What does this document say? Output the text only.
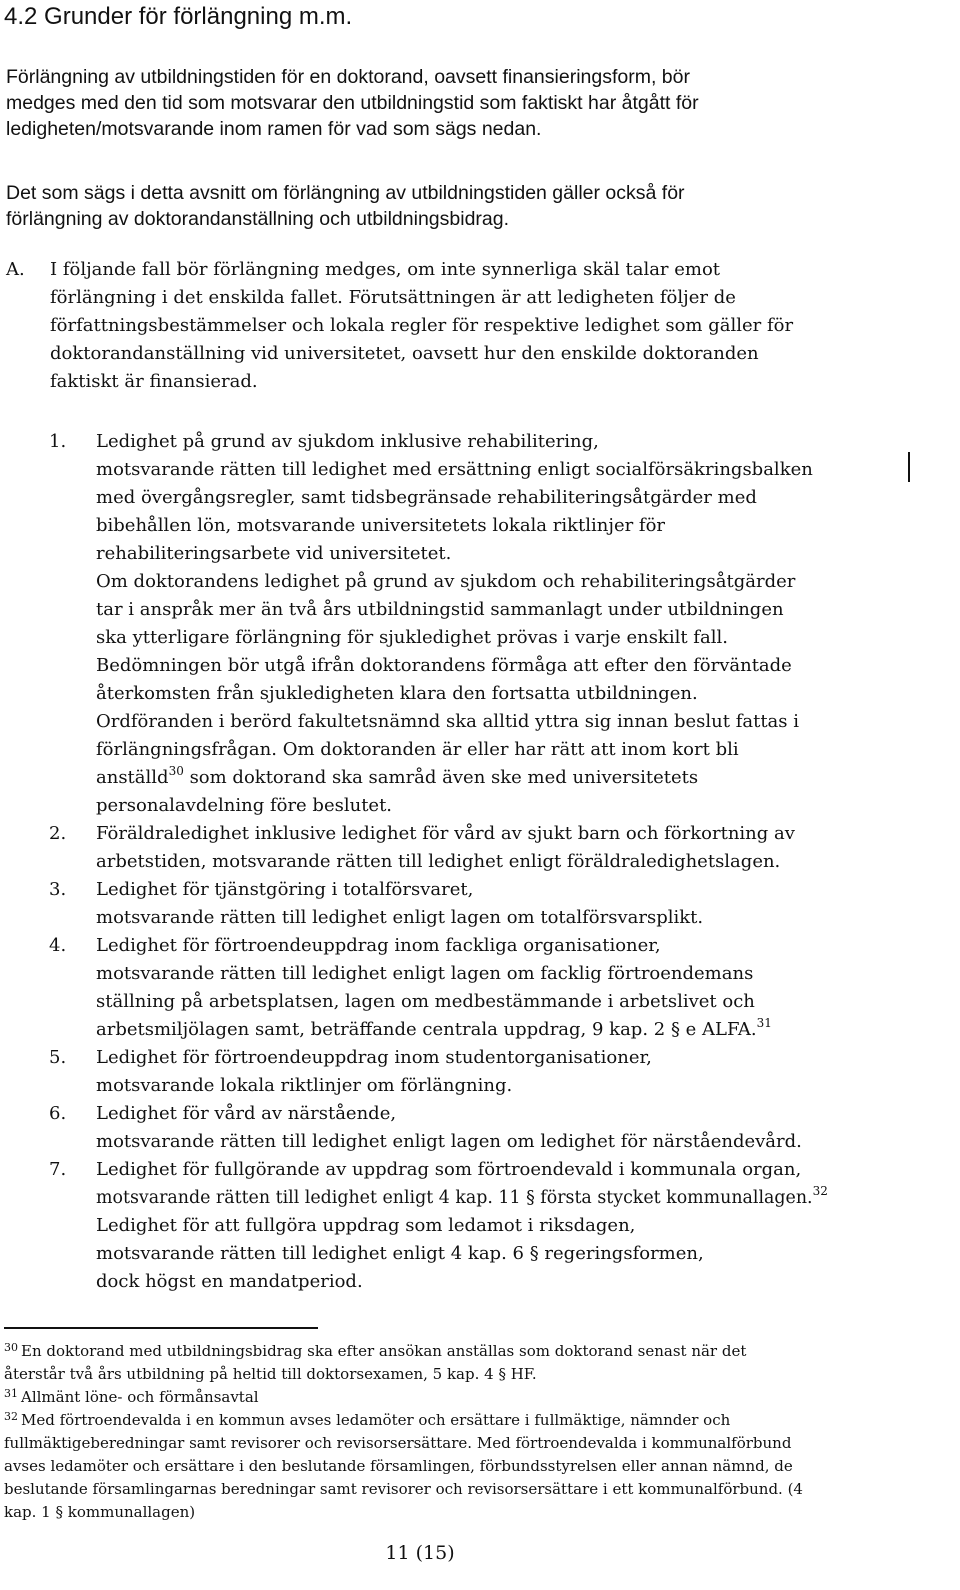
4.2 Grunder för förlängning m.m.
Förlängning av utbildningstiden för en doktorand, oavsett finansieringsform, bör
medges med den tid som motsvarar den utbildningstid som faktiskt har åtgått för
ledigheten/motsvarande inom ramen för vad som sägs nedan.
Det som sägs i detta avsnitt om förlängning av utbildningstiden gäller också för
förlängning av doktorandanställning och utbildningsbidrag.
A. I följande fall bör förlängning medges, om inte synnerliga skäl talar emot
förlängning i det enskilda fallet. Förutsättningen är att ledigheten följer de
författningsbestämmelser och lokala regler för respektive ledighet som gäller för
doktorandanställning vid universitetet, oavsett hur den enskilde doktoranden
faktiskt är finansierad.
1. Ledighet på grund av sjukdom inklusive rehabilitering,
motsvarande rätten till ledighet med ersättning enligt socialförsäkringsbalken
med övergångsregler, samt tidsbegränsade rehabiliteringsåtgärder med
bibehållen lön, motsvarande universitetets lokala riktlinjer för
rehabiliteringsarbete vid universitetet.
Om doktorandens ledighet på grund av sjukdom och rehabiliteringsåtgärder
tar i anspråk mer än två års utbildningstid sammanlagt under utbildningen
ska ytterligare förlängning för sjukledighet prövas i varje enskilt fall.
Bedömningen bör utgå ifrån doktorandens förmåga att efter den förväntade
återkomsten från sjukledigheten klara den fortsatta utbildningen.
Ordföranden i berörd fakultetsnämnd ska alltid yttra sig innan beslut fattas i
förlängningsfrågan. Om doktoranden är eller har rätt att inom kort bli
anställd$^{30}$ som doktorand ska samråd även ske med universitetets
personalavdelning före beslutet.
2. Föräldraledighet inklusive ledighet för vård av sjukt barn och förkortning av
arbetstiden, motsvarande rätten till ledighet enligt föräldraledighetslagen.
3. Ledighet för tjänstgöring i totalförsvaret,
motsvarande rätten till ledighet enligt lagen om totalförsvarsplikt.
4. Ledighet för förtroendeuppdrag inom fackliga organisationer,
motsvarande rätten till ledighet enligt lagen om facklig förtroendemans
ställning på arbetsplatsen, lagen om medbestämmande i arbetslivet och
arbetsmiljölagen samt, beträffande centrala uppdrag, 9 kap. 2 § e ALFA.$^{31}$
5. Ledighet för förtroendeuppdrag inom studentorganisationer,
motsvarande lokala riktlinjer om förlängning.
6. Ledighet för vård av närstående,
motsvarande rätten till ledighet enligt lagen om ledighet för närståendevård.
7. Ledighet för fullgörande av uppdrag som förtroendevald i kommunala organ,
motsvarande rätten till ledighet enligt 4 kap. 11 § första stycket kommunallagen.$^{32}$
Ledighet för att fullgöra uppdrag som ledamot i riksdagen,
motsvarande rätten till ledighet enligt 4 kap. 6 § regeringsformen,
dock högst en mandatperiod.
$^{30}$ En doktorand med utbildningsbidrag ska efter ansökan anställas som doktorand senast när det
återstår två års utbildning på heltid till doktorsexamen, 5 kap. 4 § HF.
$^{31}$ Allmänt löne- och förmånsavtal
$^{32}$ Med förtroendevalda i en kommun avses ledamöter och ersättare i fullmäktige, nämnder och
fullmäktigeberedningar samt revisorer och revisorsersättare. Med förtroendevalda i kommunalförbund
avses ledamöter och ersättare i den beslutande församlingen, förbundsstyrelsen eller annan nämnd, de
beslutande församlingarnas beredningar samt revisorer och revisorsersättare i ett kommunalförbund. (4
kap. 1 § kommunallagen)
11 (15)
